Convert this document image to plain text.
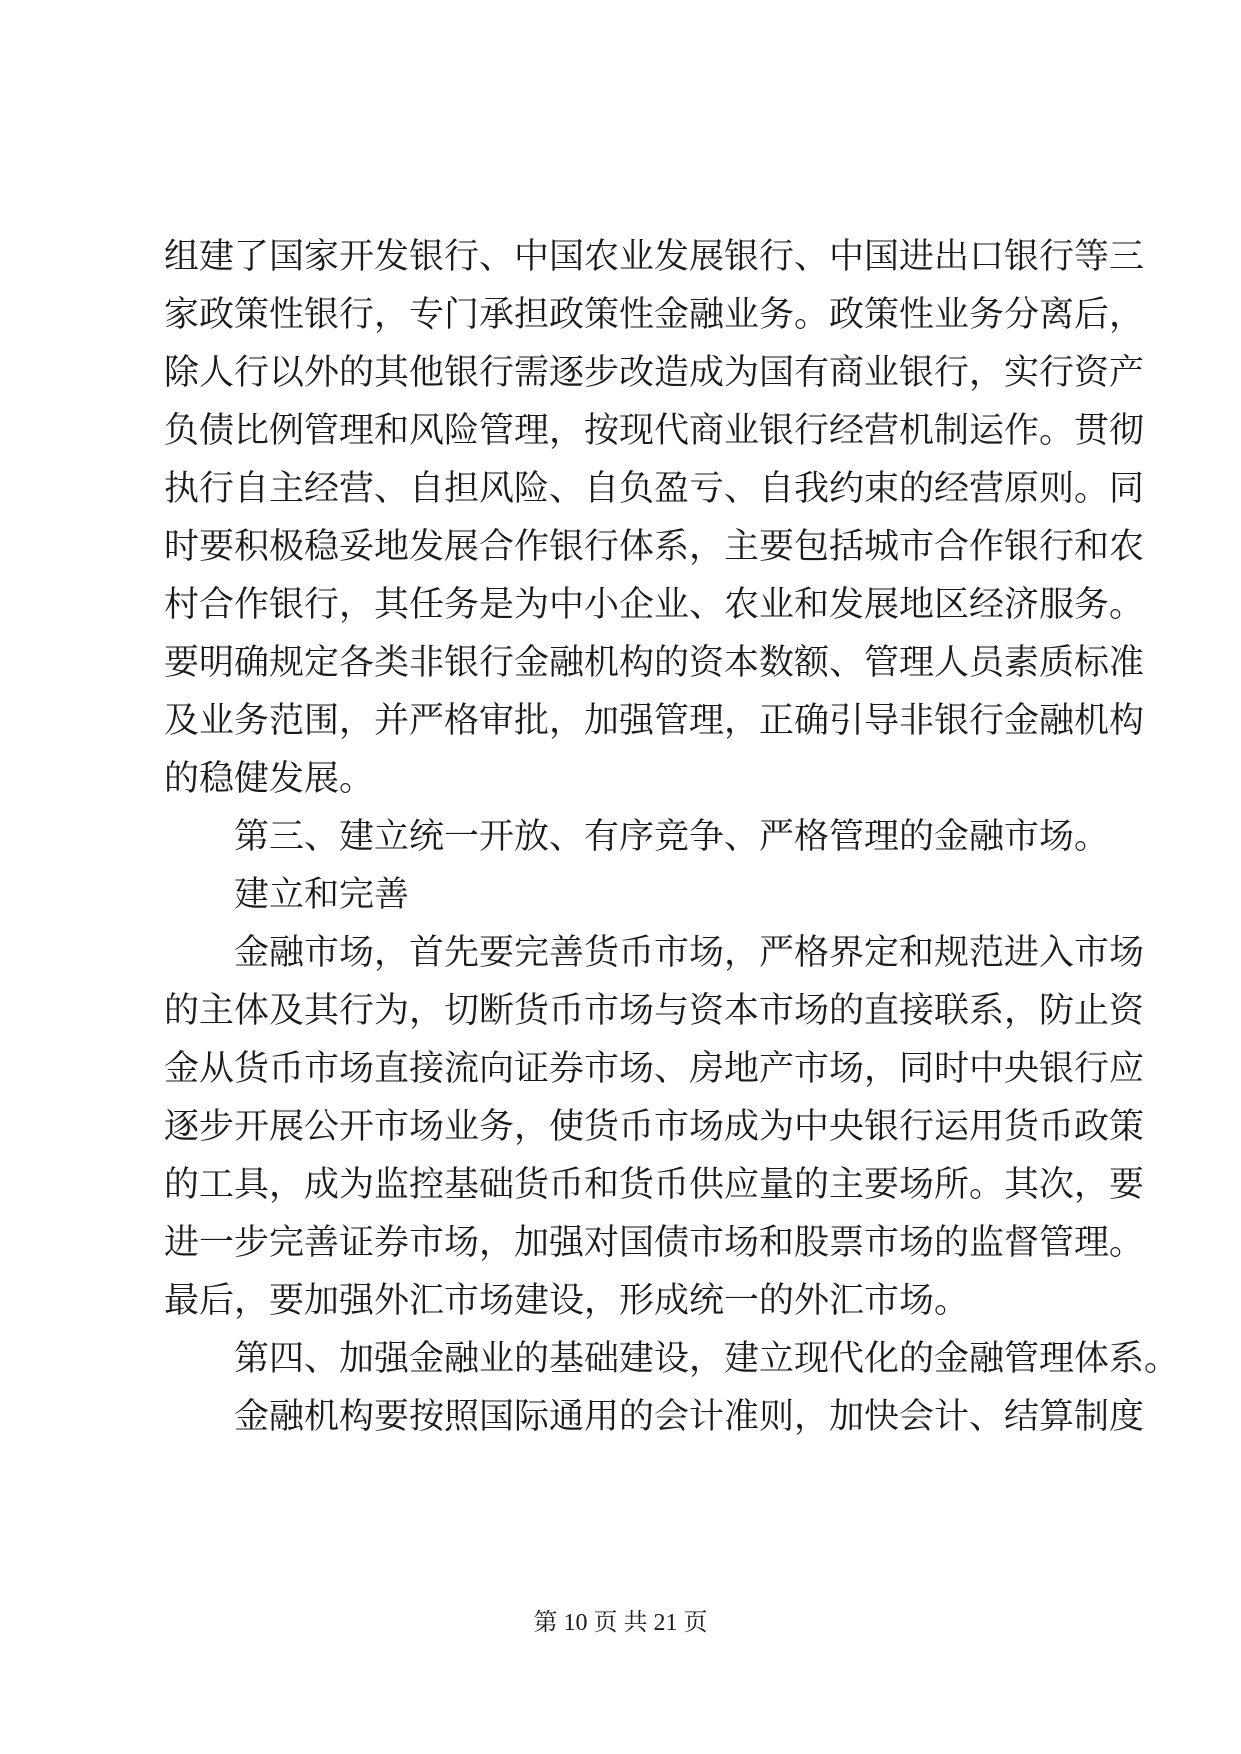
组建了国家开发银行、中国农业发展银行、中国进出口银行等三
家政策性银行，专门承担政策性金融业务。政策性业务分离后，
除人行以外的其他银行需逐步改造成为国有商业银行，实行资产
负债比例管理和风险管理，按现代商业银行经营机制运作。贯彻
执行自主经营、自担风险、自负盈亏、自我约束的经营原则。同
时要积极稳妥地发展合作银行体系，主要包括城市合作银行和农
村合作银行，其任务是为中小企业、农业和发展地区经济服务。
要明确规定各类非银行金融机构的资本数额、管理人员素质标准
及业务范围，并严格审批，加强管理，正确引导非银行金融机构
的稳健发展。
第三、建立统一开放、有序竞争、严格管理的金融市场。
建立和完善
金融市场，首先要完善货币市场，严格界定和规范进入市场
的主体及其行为，切断货币市场与资本市场的直接联系，防止资
金从货币市场直接流向证券市场、房地产市场，同时中央银行应
逐步开展公开市场业务，使货币市场成为中央银行运用货币政策
的工具，成为监控基础货币和货币供应量的主要场所。其次，要
进一步完善证券市场，加强对国债市场和股票市场的监督管理。
最后，要加强外汇市场建设，形成统一的外汇市场。
第四、加强金融业的基础建设，建立现代化的金融管理体系。
金融机构要按照国际通用的会计准则，加快会计、结算制度
第 10 页 共 21 页
